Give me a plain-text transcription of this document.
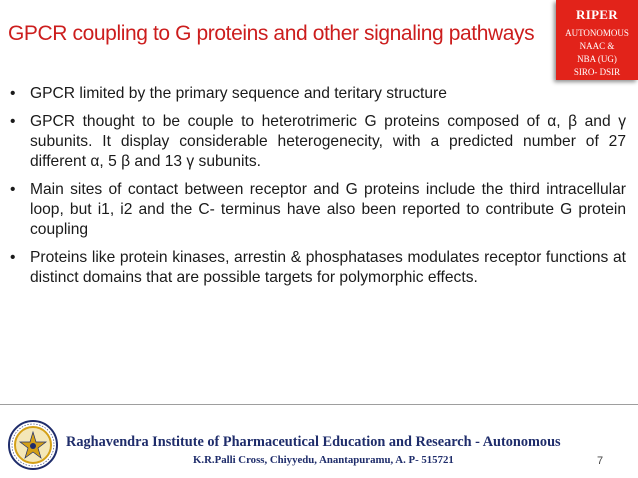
RIPER
AUTONOMOUS
NAAC &
NBA (UG)
SIRO- DSIR
GPCR coupling to G proteins and other signaling pathways
• GPCR limited by the primary sequence and teritary structure
• GPCR thought to be couple to heterotrimeric G proteins composed of α, β and γ subunits. It display considerable heterogenecity, with a predicted number of 27 different α, 5 β and 13 γ subunits.
• Main sites of contact between receptor and G proteins include the third intracellular loop, but i1, i2 and the C- terminus have also been reported to contribute G protein coupling
• Proteins like protein kinases, arrestin & phosphatases modulates receptor functions at distinct domains that are possible targets for polymorphic effects.
Raghavendra Institute of Pharmaceutical Education and Research - Autonomous
K.R.Palli Cross, Chiyyedu, Anantapuramu, A. P- 515721	7
